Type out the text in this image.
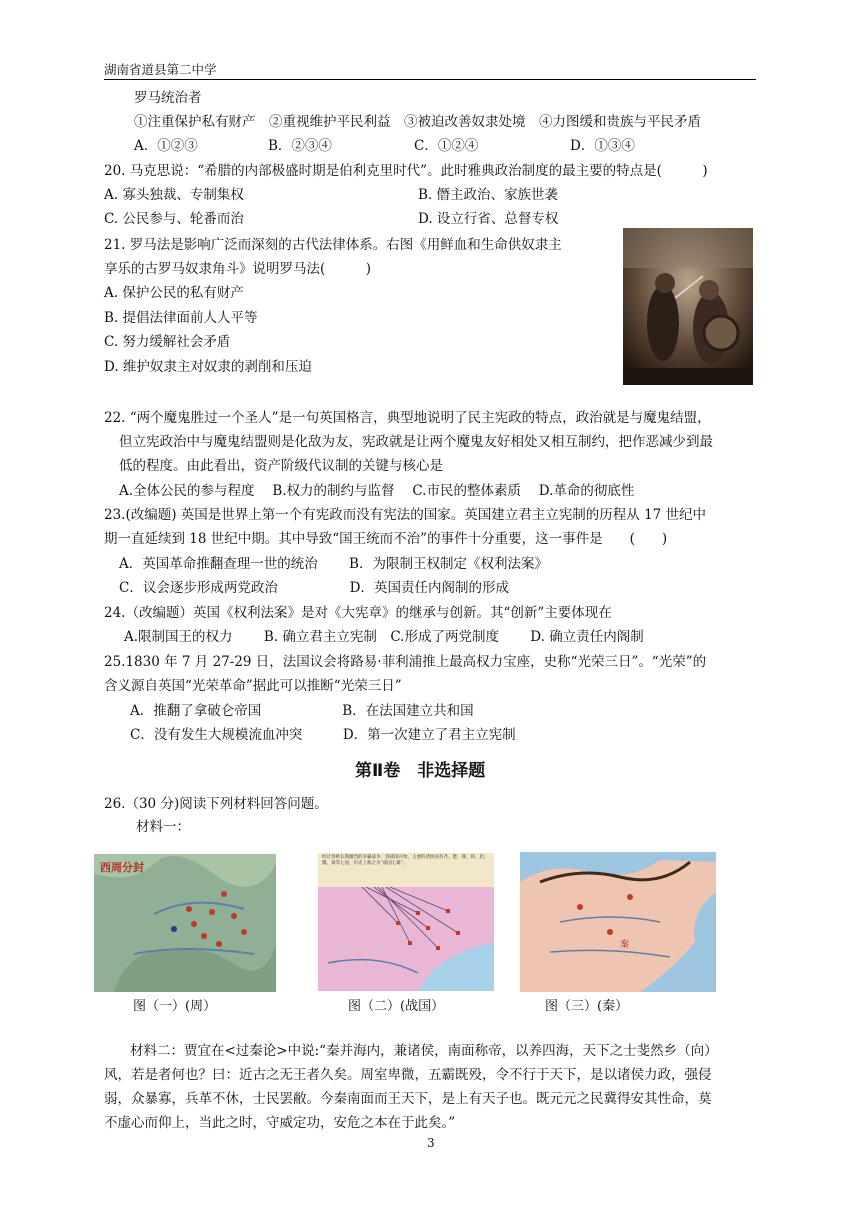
湖南省道县第二中学
罗马统治者
①注重保护私有财产　②重视维护平民利益　③被迫改善奴隶处境　④力图缓和贵族与平民矛盾
A．①②③	B．②③④	C．①②④	D．①③④
20. 马克思说：“希腊的内部极盛时期是伯利克里时代”。此时雅典政治制度的最主要的特点是(　　　)
A. 寡头独裁、专制集权	B. 僭主政治、家族世袭
C. 公民参与、轮番而治	D. 设立行省、总督专权
21. 罗马法是影响广泛而深刻的古代法律体系。右图《用鲜血和生命供奴隶主
享乐的古罗马奴隶角斗》说明罗马法(　　　)
A. 保护公民的私有财产
B. 提倡法律面前人人平等
C. 努力缓解社会矛盾
D. 维护奴隶主对奴隶的剥削和压迫
22. “两个魔鬼胜过一个圣人”是一句英国格言，典型地说明了民主宪政的特点，政治就是与魔鬼结盟，
但立宪政治中与魔鬼结盟则是化敌为友，宪政就是让两个魔鬼友好相处又相互制约，把作恶减少到最
低的程度。由此看出，资产阶级代议制的关键与核心是
A.全体公民的参与程度　 B.权力的制约与监督　 C.市民的整体素质　 D.革命的彻底性
23.(改编题) 英国是世界上第一个有宪政而没有宪法的国家。英国建立君主立宪制的历程从 17 世纪中
期一直延续到 18 世纪中期。其中导致“国王统而不治”的事件十分重要，这一事件是　　(　　)
A．英国革命推翻查理一世的统治　　 B．为限制王权制定《权利法案》
C．议会逐步形成两党政治　　　　　 D．英国责任内阁制的形成
24.（改编题）英国《权利法案》是对《大宪章》的继承与创新。其“创新”主要体现在
A.限制国王的权力　　 B. 确立君主立宪制　C.形成了两党制度　　 D. 确立责任内阁制
25.1830 年 7 月 27-29 日，法国议会将路易·菲利浦推上最高权力宝座，史称“光荣三日”。“光荣”的
含义源自英国“光荣革命”据此可以推断“光荣三日”
A．推翻了拿破仑帝国　　　　　　B．在法国建立共和国
C．没有发生大规模流血冲突　　　D．第一次建立了君主立宪制
第Ⅱ卷　非选择题
26.（30 分)阅读下列材料回答问题。
材料一：
西周分封
经过春秋长期激烈的争霸战争，到战国开始，主要的诸侯国有齐、楚、燕、韩、赵、魏、秦等七国，历史上称之为“战国七雄”。
秦
图（一）(周）	图（二）(战国）	图（三）(秦）
材料二：贾宜在<过秦论>中说:“秦并海内，兼诸侯，南面称帝，以养四海，天下之士斐然乡（向）
风，若是者何也？曰：近古之无王者久矣。周室卑微，五霸既殁，令不行于天下，是以诸侯力政，强侵
弱，众暴寡，兵革不休，士民罢敝。今秦南面而王天下，是上有天子也。既元元之民冀得安其性命，莫
不虚心而仰上，当此之时，守威定功，安危之本在于此矣。”
3
